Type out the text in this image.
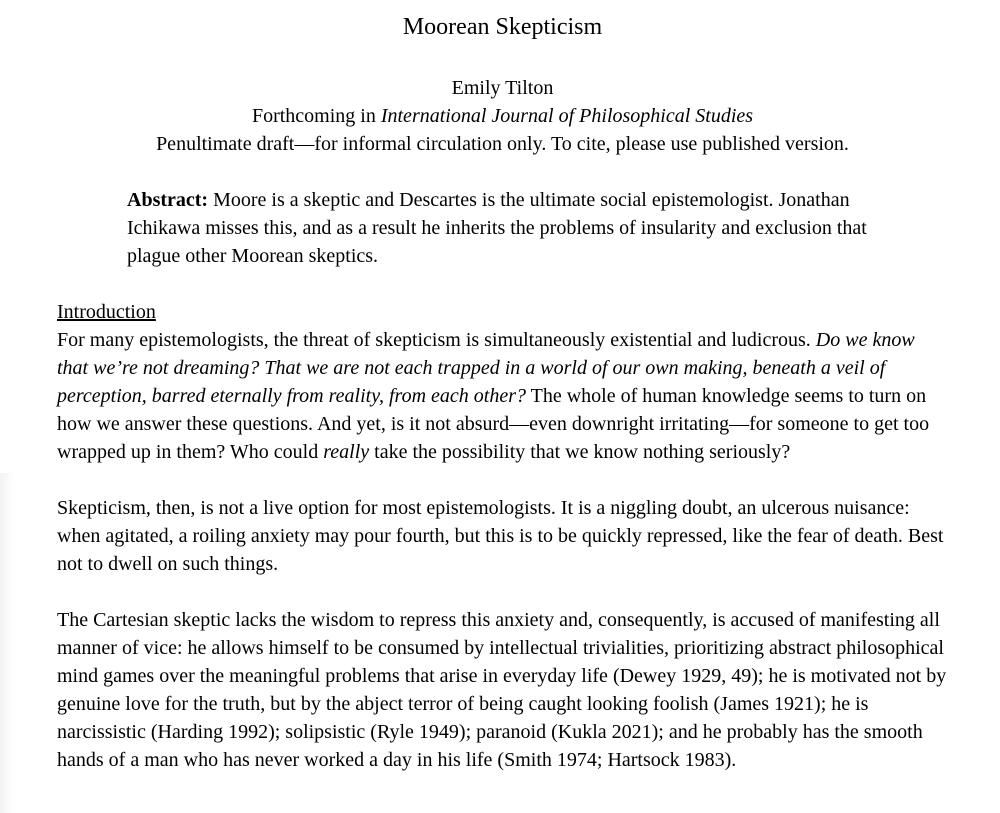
Moorean Skepticism

Emily Tilton

Forthcoming in International Journal of Philosophical Studies

Penultimate draft—for informal circulation only. To cite, please use published version.

Abstract: Moore is a skeptic and Descartes is the ultimate social epistemologist. Jonathan Ichikawa misses this, and as a result he inherits the problems of insularity and exclusion that plague other Moorean skeptics.
Introduction

For many epistemologists, the threat of skepticism is simultaneously existential and ludicrous. Do we know that we’re not dreaming? That we are not each trapped in a world of our own making, beneath a veil of perception, barred eternally from reality, from each other? The whole of human knowledge seems to turn on how we answer these questions. And yet, is it not absurd—even downright irritating—for someone to get too wrapped up in them? Who could really take the possibility that we know nothing seriously?

Skepticism, then, is not a live option for most epistemologists. It is a niggling doubt, an ulcerous nuisance: when agitated, a roiling anxiety may pour fourth, but this is to be quickly repressed, like the fear of death. Best not to dwell on such things.

The Cartesian skeptic lacks the wisdom to repress this anxiety and, consequently, is accused of manifesting all manner of vice: he allows himself to be consumed by intellectual trivialities, prioritizing abstract philosophical mind games over the meaningful problems that arise in everyday life (Dewey 1929, 49); he is motivated not by genuine love for the truth, but by the abject terror of being caught looking foolish (James 1921); he is narcissistic (Harding 1992); solipsistic (Ryle 1949); paranoid (Kukla 2021); and he probably has the smooth hands of a man who has never worked a day in his life (Smith 1974; Hartsock 1983).
